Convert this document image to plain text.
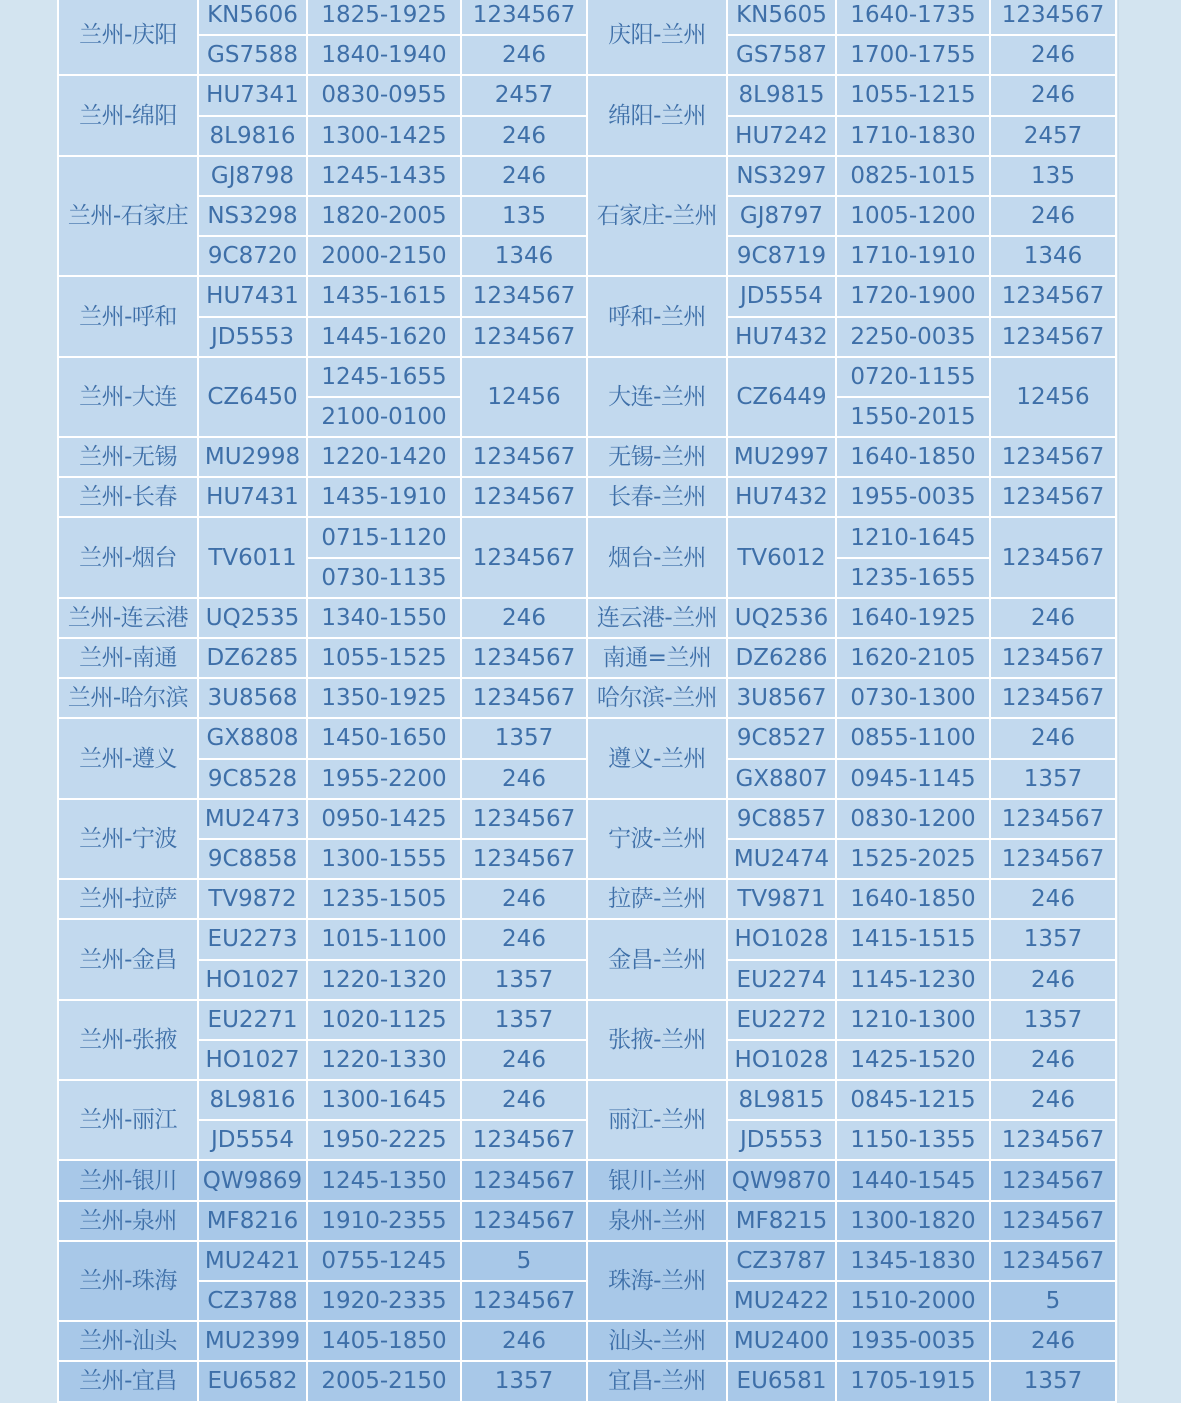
兰州-庆阳	KN5606	1825-1925	1234567	庆阳-兰州	KN5605	1640-1735	1234567
	GS7588	1840-1940	246		GS7587	1700-1755	246
兰州-绵阳	HU7341	0830-0955	2457	绵阳-兰州	8L9815	1055-1215	246
	8L9816	1300-1425	246		HU7242	1710-1830	2457
兰州-石家庄	GJ8798	1245-1435	246	石家庄-兰州	NS3297	0825-1015	135
	NS3298	1820-2005	135		GJ8797	1005-1200	246
	9C8720	2000-2150	1346		9C8719	1710-1910	1346
兰州-呼和	HU7431	1435-1615	1234567	呼和-兰州	JD5554	1720-1900	1234567
	JD5553	1445-1620	1234567		HU7432	2250-0035	1234567
兰州-大连	CZ6450	1245-1655	12456	大连-兰州	CZ6449	0720-1155	12456
		2100-0100				1550-2015	
兰州-无锡	MU2998	1220-1420	1234567	无锡-兰州	MU2997	1640-1850	1234567
兰州-长春	HU7431	1435-1910	1234567	长春-兰州	HU7432	1955-0035	1234567
兰州-烟台	TV6011	0715-1120	1234567	烟台-兰州	TV6012	1210-1645	1234567
		0730-1135				1235-1655	
兰州-连云港	UQ2535	1340-1550	246	连云港-兰州	UQ2536	1640-1925	246
兰州-南通	DZ6285	1055-1525	1234567	南通=兰州	DZ6286	1620-2105	1234567
兰州-哈尔滨	3U8568	1350-1925	1234567	哈尔滨-兰州	3U8567	0730-1300	1234567
兰州-遵义	GX8808	1450-1650	1357	遵义-兰州	9C8527	0855-1100	246
	9C8528	1955-2200	246		GX8807	0945-1145	1357
兰州-宁波	MU2473	0950-1425	1234567	宁波-兰州	9C8857	0830-1200	1234567
	9C8858	1300-1555	1234567		MU2474	1525-2025	1234567
兰州-拉萨	TV9872	1235-1505	246	拉萨-兰州	TV9871	1640-1850	246
兰州-金昌	EU2273	1015-1100	246	金昌-兰州	HO1028	1415-1515	1357
	HO1027	1220-1320	1357		EU2274	1145-1230	246
兰州-张掖	EU2271	1020-1125	1357	张掖-兰州	EU2272	1210-1300	1357
	HO1027	1220-1330	246		HO1028	1425-1520	246
兰州-丽江	8L9816	1300-1645	246	丽江-兰州	8L9815	0845-1215	246
	JD5554	1950-2225	1234567		JD5553	1150-1355	1234567
兰州-银川	QW9869	1245-1350	1234567	银川-兰州	QW9870	1440-1545	1234567
兰州-泉州	MF8216	1910-2355	1234567	泉州-兰州	MF8215	1300-1820	1234567
兰州-珠海	MU2421	0755-1245	5	珠海-兰州	CZ3787	1345-1830	1234567
	CZ3788	1920-2335	1234567		MU2422	1510-2000	5
兰州-汕头	MU2399	1405-1850	246	汕头-兰州	MU2400	1935-0035	246
兰州-宜昌	EU6582	2005-2150	1357	宜昌-兰州	EU6581	1705-1915	1357
